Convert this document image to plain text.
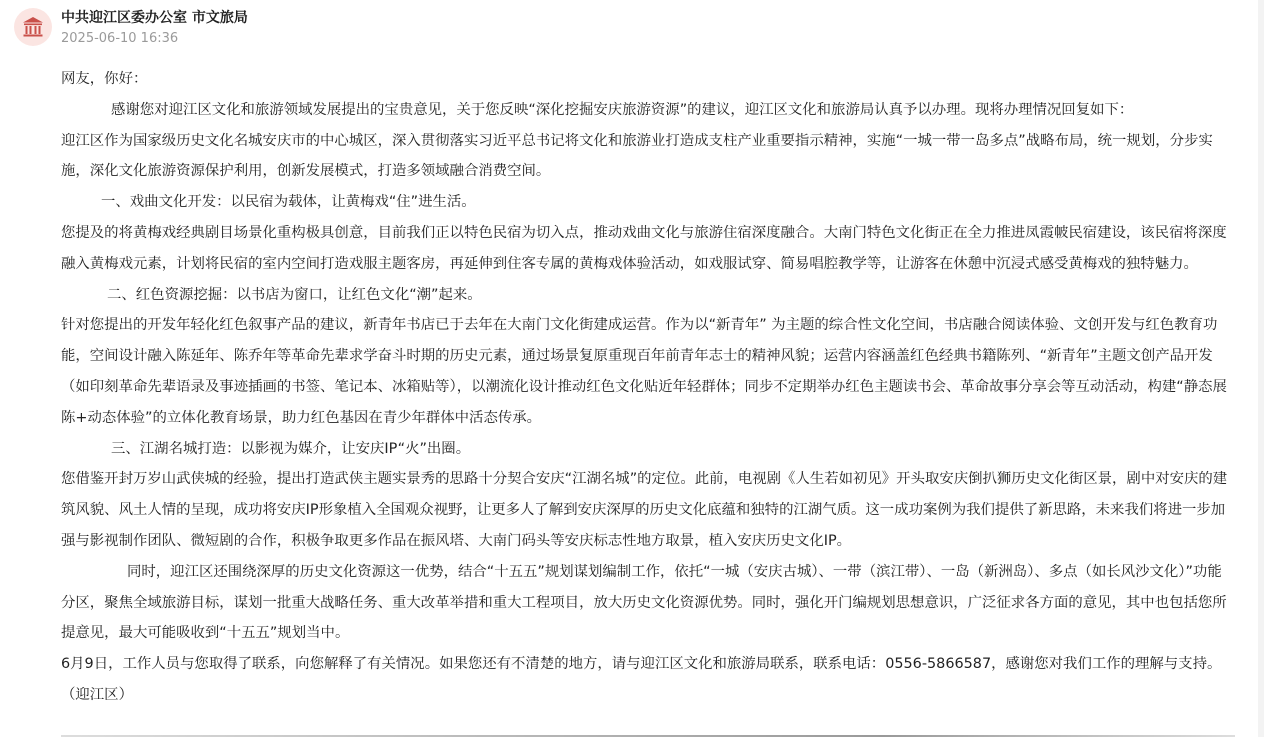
中共迎江区委办公室 市文旅局
2025-06-10 16:36

网友，你好：

感谢您对迎江区文化和旅游领域发展提出的宝贵意见，关于您反映“深化挖掘安庆旅游资源”的建议，迎江区文化和旅游局认真予以办理。现将办理情况回复如下：

迎江区作为国家级历史文化名城安庆市的中心城区，深入贯彻落实习近平总书记将文化和旅游业打造成支柱产业重要指示精神，实施“一城一带一岛多点”战略布局，统一规划，分步实施，深化文化旅游资源保护利用，创新发展模式，打造多领域融合消费空间。

一、戏曲文化开发：以民宿为载体，让黄梅戏“住”进生活。

您提及的将黄梅戏经典剧目场景化重构极具创意，目前我们正以特色民宿为切入点，推动戏曲文化与旅游住宿深度融合。大南门特色文化街正在全力推进凤霞帔民宿建设，该民宿将深度融入黄梅戏元素，计划将民宿的室内空间打造戏服主题客房，再延伸到住客专属的黄梅戏体验活动，如戏服试穿、简易唱腔教学等，让游客在休憩中沉浸式感受黄梅戏的独特魅力。

二、红色资源挖掘：以书店为窗口，让红色文化“潮”起来。

针对您提出的开发年轻化红色叙事产品的建议，新青年书店已于去年在大南门文化街建成运营。作为以“新青年” 为主题的综合性文化空间，书店融合阅读体验、文创开发与红色教育功能，空间设计融入陈延年、陈乔年等革命先辈求学奋斗时期的历史元素，通过场景复原重现百年前青年志士的精神风貌；运营内容涵盖红色经典书籍陈列、“新青年”主题文创产品开发（如印刻革命先辈语录及事迹插画的书签、笔记本、冰箱贴等），以潮流化设计推动红色文化贴近年轻群体；同步不定期举办红色主题读书会、革命故事分享会等互动活动，构建“静态展陈+动态体验”的立体化教育场景，助力红色基因在青少年群体中活态传承。

三、江湖名城打造：以影视为媒介，让安庆IP“火”出圈。

您借鉴开封万岁山武侠城的经验，提出打造武侠主题实景秀的思路十分契合安庆“江湖名城”的定位。此前，电视剧《人生若如初见》开头取安庆倒扒狮历史文化街区景，剧中对安庆的建筑风貌、风土人情的呈现，成功将安庆IP形象植入全国观众视野，让更多人了解到安庆深厚的历史文化底蕴和独特的江湖气质。这一成功案例为我们提供了新思路，未来我们将进一步加强与影视制作团队、微短剧的合作，积极争取更多作品在振风塔、大南门码头等安庆标志性地方取景，植入安庆历史文化IP。

同时，迎江区还围绕深厚的历史文化资源这一优势，结合“十五五”规划谋划编制工作，依托“一城（安庆古城）、一带（滨江带）、一岛（新洲岛）、多点（如长风沙文化）”功能分区，聚焦全域旅游目标，谋划一批重大战略任务、重大改革举措和重大工程项目，放大历史文化资源优势。同时，强化开门编规划思想意识，广泛征求各方面的意见，其中也包括您所提意见，最大可能吸收到“十五五”规划当中。

6月9日，工作人员与您取得了联系，向您解释了有关情况。如果您还有不清楚的地方，请与迎江区文化和旅游局联系，联系电话：0556-5866587，感谢您对我们工作的理解与支持。（迎江区）
